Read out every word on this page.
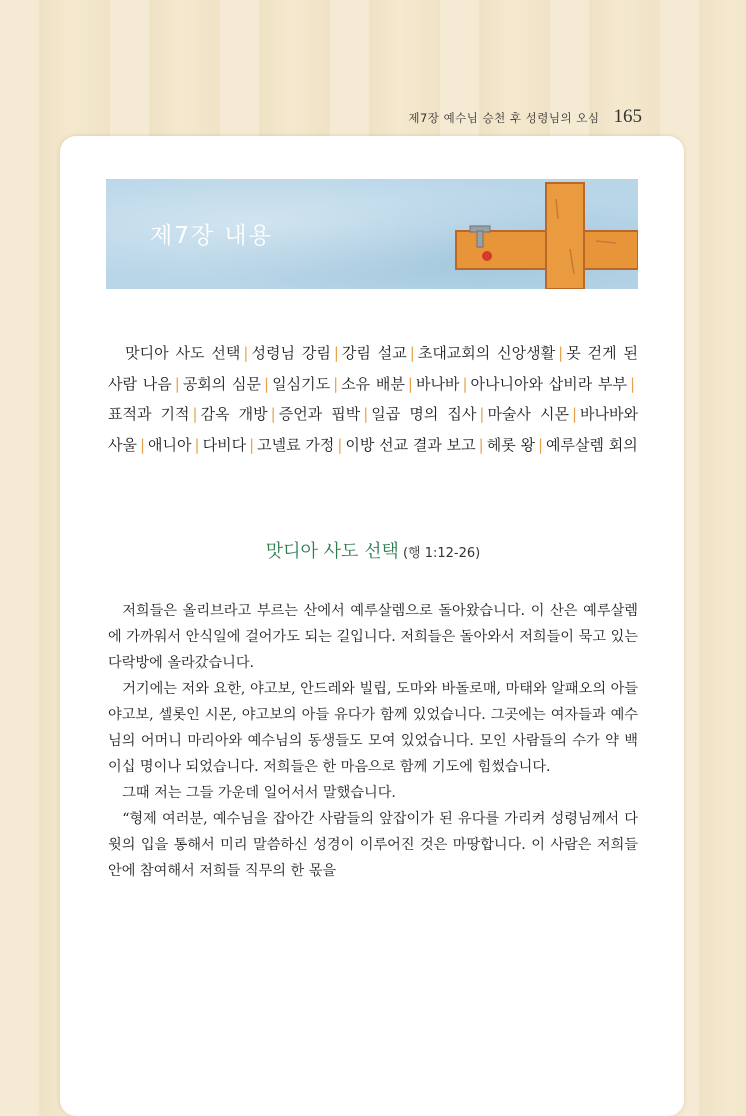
제7장 예수님 승천 후 성령님의 오심 165
제7장 내용
　맛디아 사도 선택 | 성령님 강림 | 강림 설교 | 초대교회의 신앙생활 | 못 걷게 된 사람 나음 | 공회의 심문 | 일심기도 | 소유 배분 | 바나바 | 아나니아와 삽비라 부부 |표적과 기적 | 감옥 개방 | 증언과 핍박 | 일곱 명의 집사 | 마술사 시몬 | 바나바와 사울 | 애니아 | 다비다 | 고넬료 가정 | 이방 선교 결과 보고 | 헤롯 왕 | 예루살렘 회의
맛디아 사도 선택 (행 1:12-26)

저희들은 올리브라고 부르는 산에서 예루살렘으로 돌아왔습니다. 이 산은 예루살렘에 가까워서 안식일에 걸어가도 되는 길입니다. 저희들은 돌아와서 저희들이 묵고 있는 다락방에 올라갔습니다.

거기에는 저와 요한, 야고보, 안드레와 빌립, 도마와 바돌로매, 마태와 알패오의 아들 야고보, 셀롯인 시몬, 야고보의 아들 유다가 함께 있었습니다. 그곳에는 여자들과 예수님의 어머니 마리아와 예수님의 동생들도 모여 있었습니다. 모인 사람들의 수가 약 백이십 명이나 되었습니다. 저희들은 한 마음으로 함께 기도에 힘썼습니다.

그때 저는 그들 가운데 일어서서 말했습니다.

“형제 여러분, 예수님을 잡아간 사람들의 앞잡이가 된 유다를 가리켜 성령님께서 다윗의 입을 통해서 미리 말씀하신 성경이 이루어진 것은 마땅합니다. 이 사람은 저희들 안에 참여해서 저희들 직무의 한 몫을
